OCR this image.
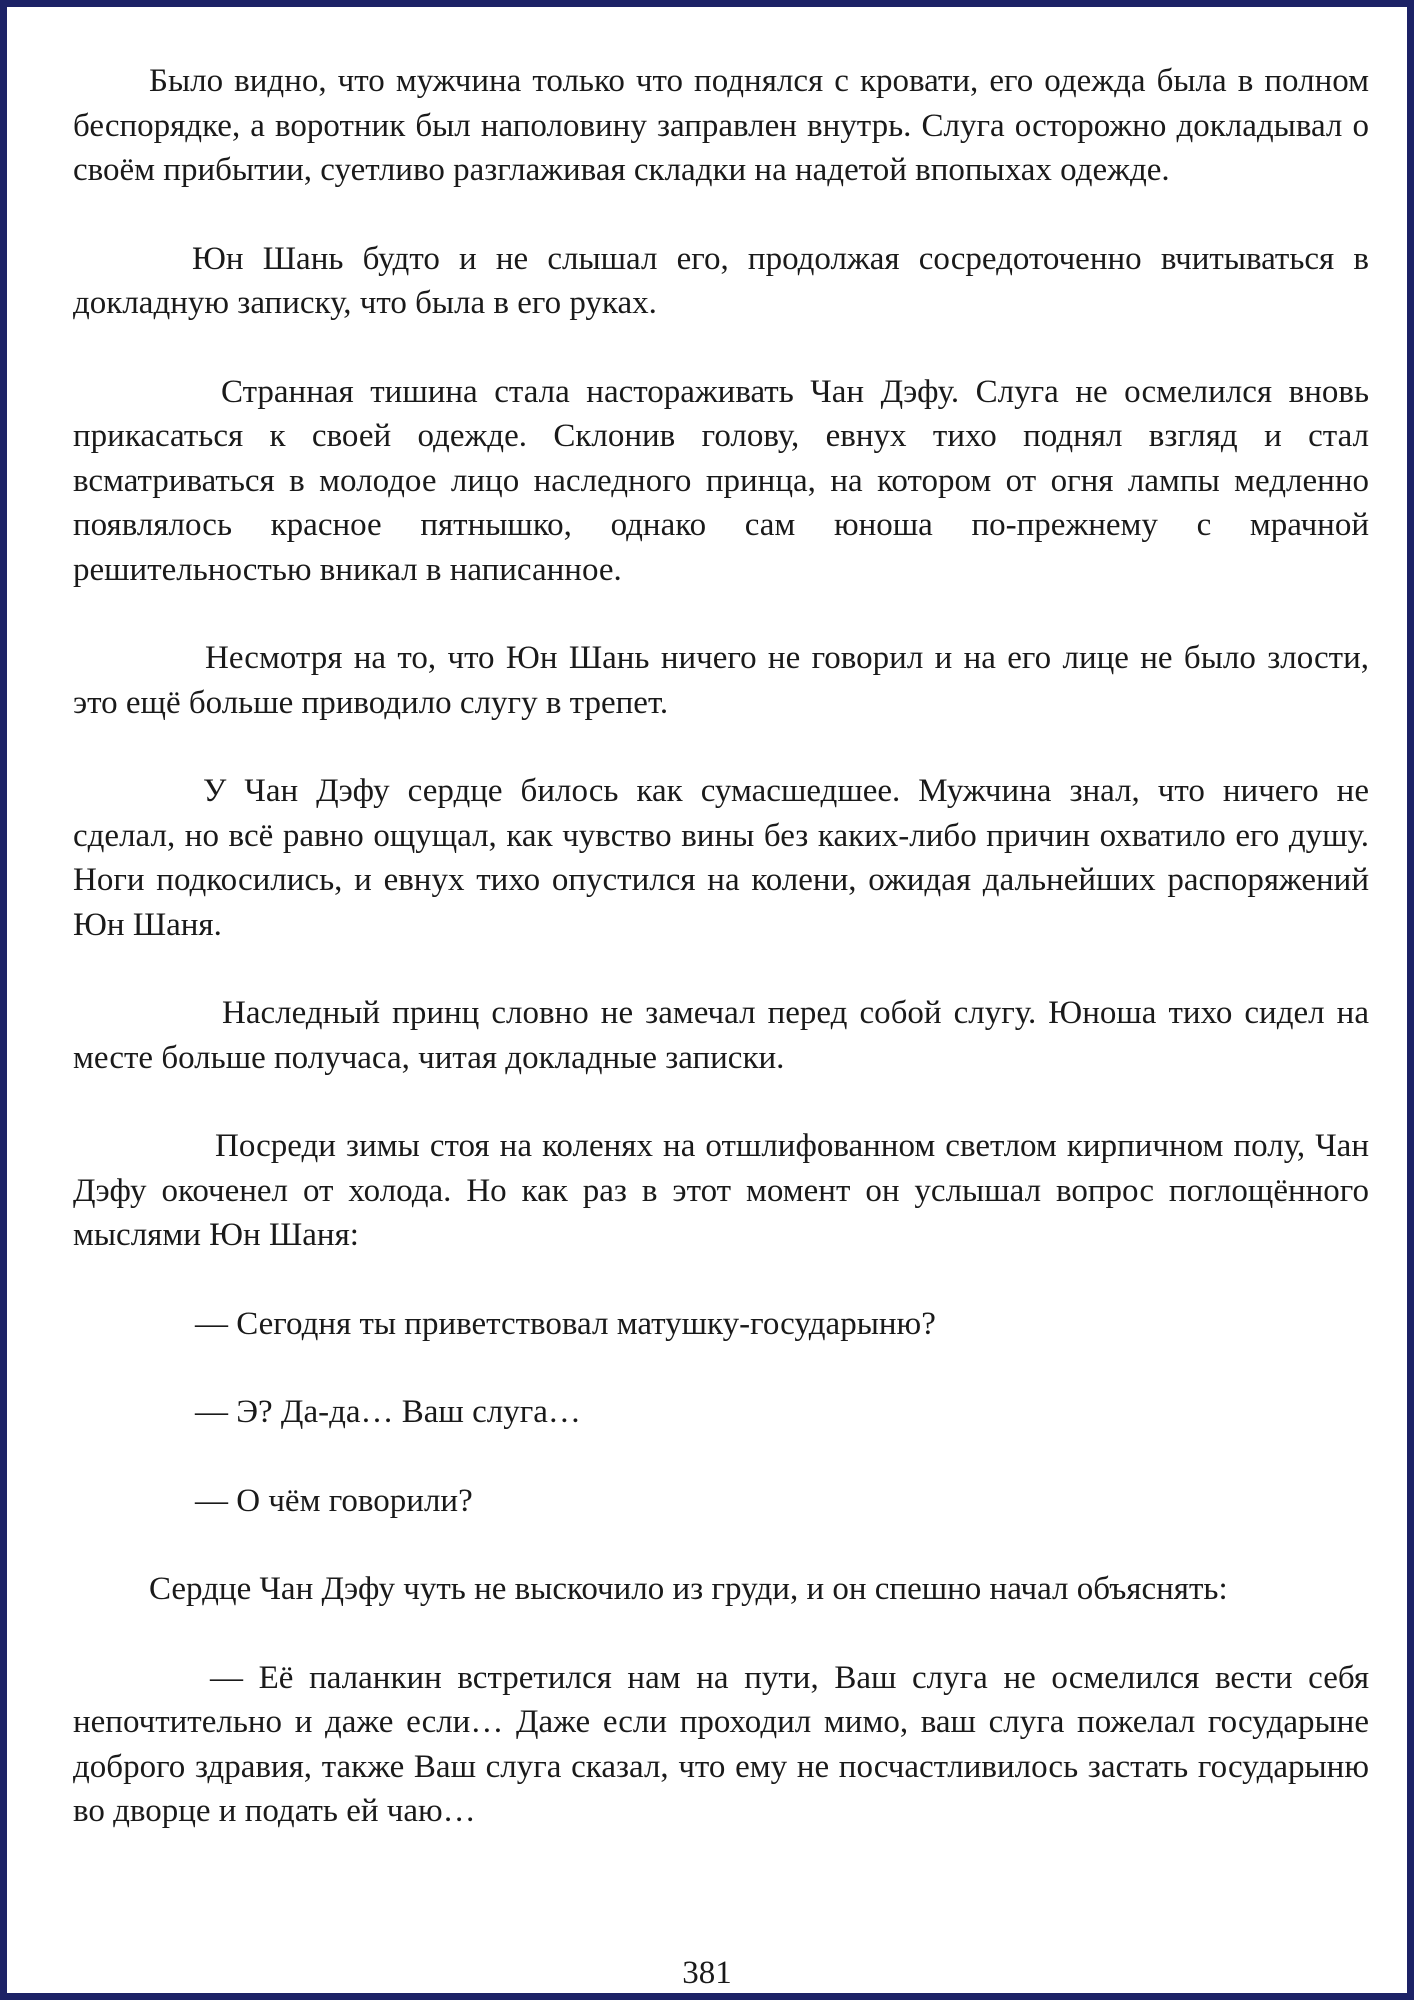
Было видно, что мужчина только что поднялся с кровати, его одежда была в полном беспорядке, а воротник был наполовину заправлен внутрь. Слуга осторожно докладывал о своём прибытии, суетливо разглаживая складки на надетой впопыхах одежде.

Юн Шань будто и не слышал его, продолжая сосредоточенно вчитываться в докладную записку, что была в его руках.

Странная тишина стала настораживать Чан Дэфу. Слуга не осмелился вновь прикасаться к своей одежде. Склонив голову, евнух тихо поднял взгляд и стал всматриваться в молодое лицо наследного принца, на котором от огня лампы медленно появлялось красное пятнышко, однако сам юноша по-прежнему с мрачной решительностью вникал в написанное.

Несмотря на то, что Юн Шань ничего не говорил и на его лице не было злости, это ещё больше приводило слугу в трепет.

У Чан Дэфу сердце билось как сумасшедшее. Мужчина знал, что ничего не сделал, но всё равно ощущал, как чувство вины без каких-либо причин охватило его душу. Ноги подкосились, и евнух тихо опустился на колени, ожидая дальнейших распоряжений Юн Шаня.

Наследный принц словно не замечал перед собой слугу. Юноша тихо сидел на месте больше получаса, читая докладные записки.

Посреди зимы стоя на коленях на отшлифованном светлом кирпичном полу, Чан Дэфу окоченел от холода. Но как раз в этот момент он услышал вопрос поглощённого мыслями Юн Шаня:

— Сегодня ты приветствовал матушку-государыню?

— Э? Да-да… Ваш слуга…

— О чём говорили?

Сердце Чан Дэфу чуть не выскочило из груди, и он спешно начал объяснять:

— Её паланкин встретился нам на пути, Ваш слуга не осмелился вести себя непочтительно и даже если… Даже если проходил мимо, ваш слуга пожелал государыне доброго здравия, также Ваш слуга сказал, что ему не посчастливилось застать государыню во дворце и подать ей чаю…

381
